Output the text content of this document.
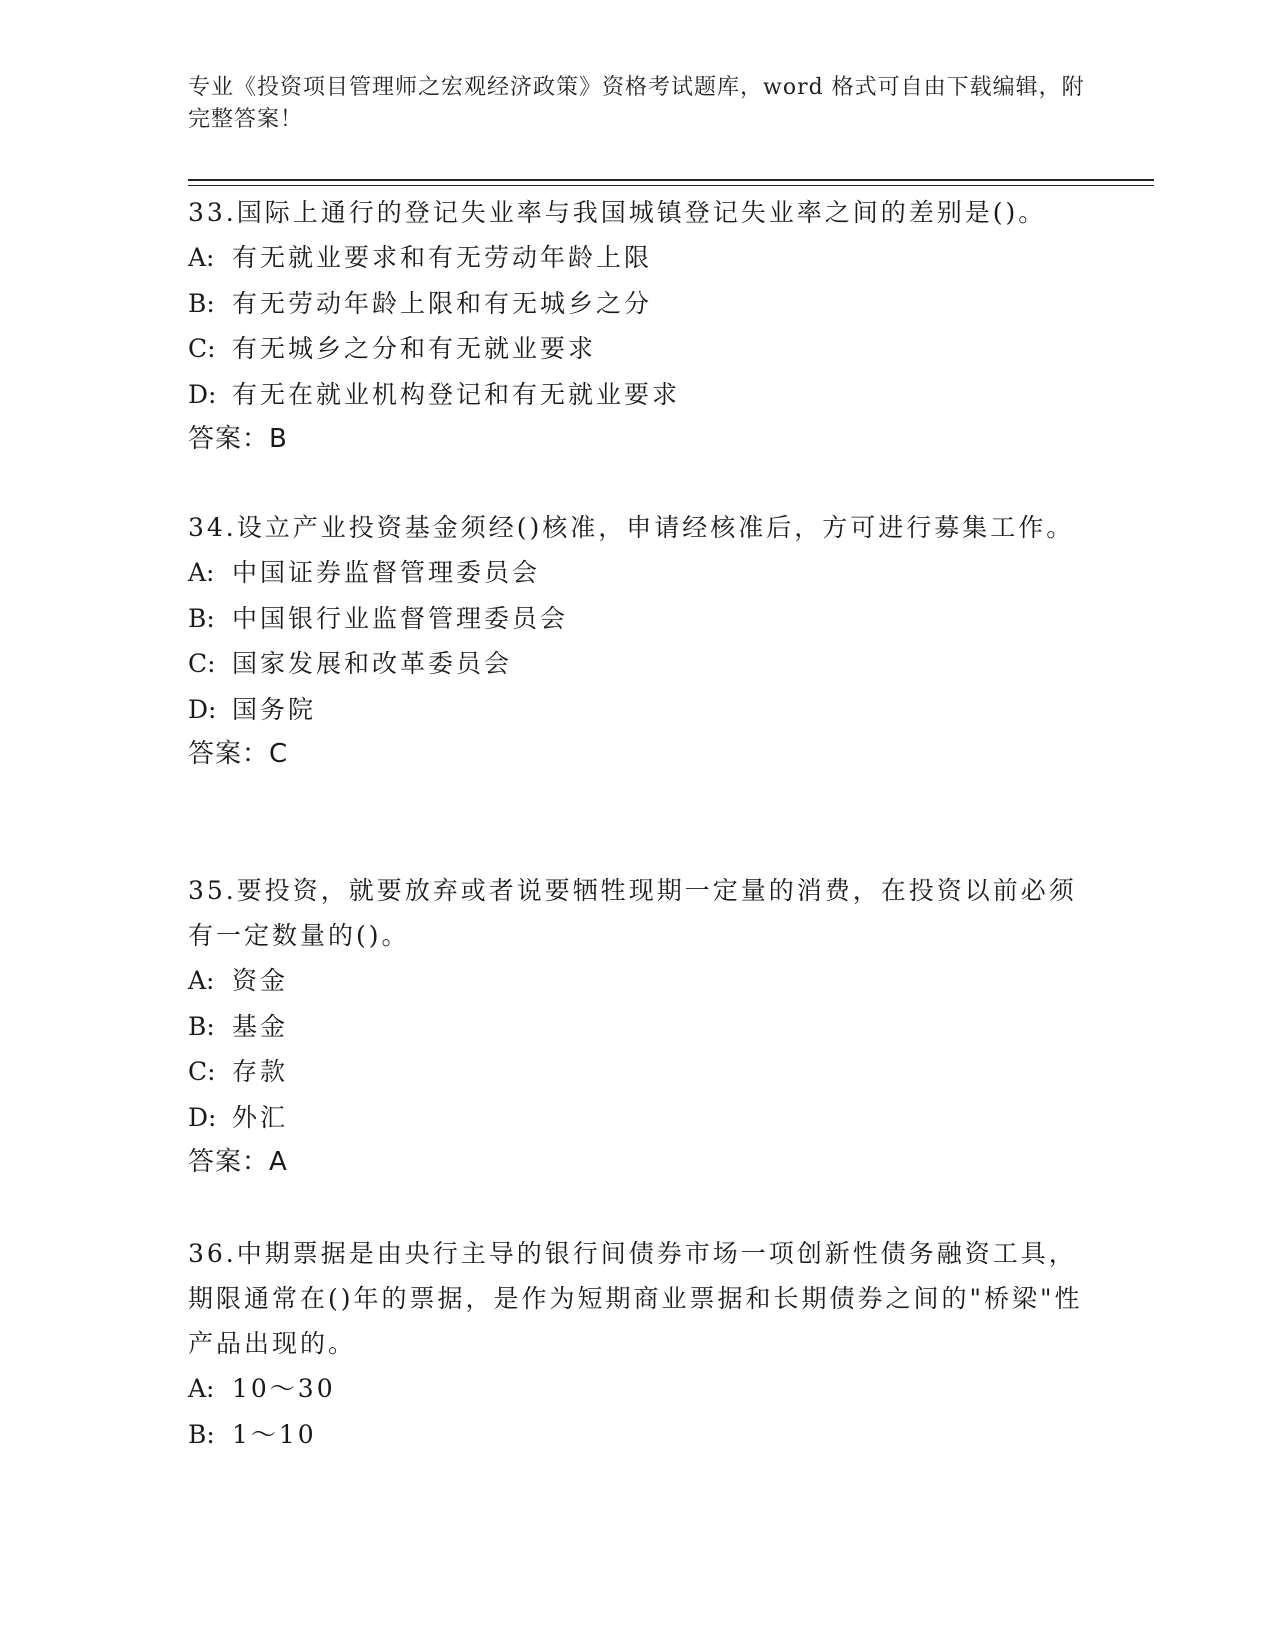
专业《投资项目管理师之宏观经济政策》资格考试题库，word 格式可自由下载编辑，附完整答案！

33.国际上通行的登记失业率与我国城镇登记失业率之间的差别是()。

A: 有无就业要求和有无劳动年龄上限

B: 有无劳动年龄上限和有无城乡之分

C: 有无城乡之分和有无就业要求

D: 有无在就业机构登记和有无就业要求

答案：B

34.设立产业投资基金须经()核准，申请经核准后，方可进行募集工作。

A: 中国证券监督管理委员会

B: 中国银行业监督管理委员会

C: 国家发展和改革委员会

D: 国务院

答案：C

35.要投资，就要放弃或者说要牺牲现期一定量的消费，在投资以前必须有一定数量的()。

A: 资金

B: 基金

C: 存款

D: 外汇

答案：A

36.中期票据是由央行主导的银行间债券市场一项创新性债务融资工具，期限通常在()年的票据，是作为短期商业票据和长期债券之间的"桥梁"性产品出现的。

A: 10～30

B: 1～10
